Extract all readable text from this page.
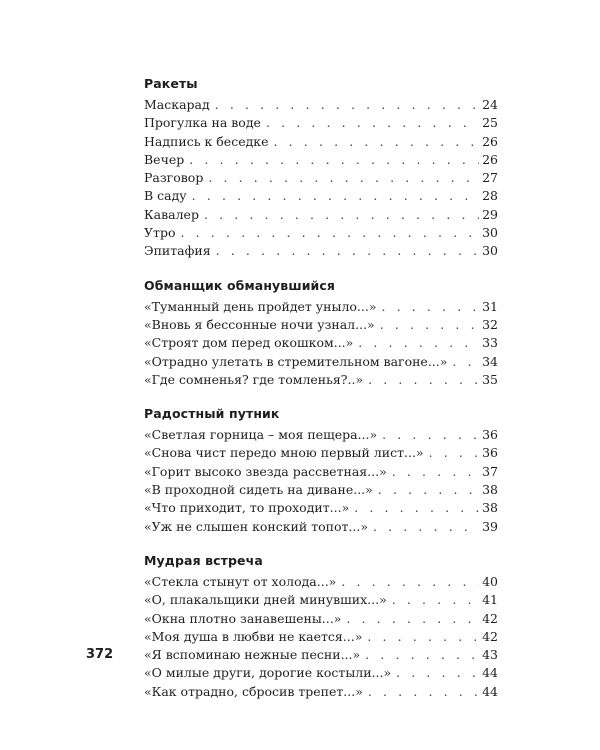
Ракеты
Маскарад . . .	24
Прогулка на воде . . .	25
Надпись к беседке . . .	26
Вечер . . .	26
Разговор . . .	27
В саду . . .	28
Кавалер . . .	29
Утро . . .	30
Эпитафия . . .	30
Обманщик обманувшийся
«Туманный день пройдет уныло...» . . .	31
«Вновь я бессонные ночи узнал...» . . .	32
«Строят дом перед окошком...» . . .	33
«Отрадно улетать в стремительном вагоне...» . . .	34
«Где сомненья? где томленья?..» . . .	35
Радостный путник
«Светлая горница – моя пещера...» . . .	36
«Снова чист передо мною первый лист...» . . .	36
«Горит высоко звезда рассветная...» . . .	37
«В проходной сидеть на диване...» . . .	38
«Что приходит, то проходит...» . . .	38
«Уж не слышен конский топот...» . . .	39
Мудрая встреча
«Стекла стынут от холода...» . . .	40
«О, плакальщики дней минувших...» . . .	41
«Окна плотно занавешены...» . . .	42
«Моя душа в любви не кается...» . . .	42
«Я вспоминаю нежные песни...» . . .	43
«О милые други, дорогие костыли...» . . .	44
«Как отрадно, сбросив трепет...» . . .	44
372
